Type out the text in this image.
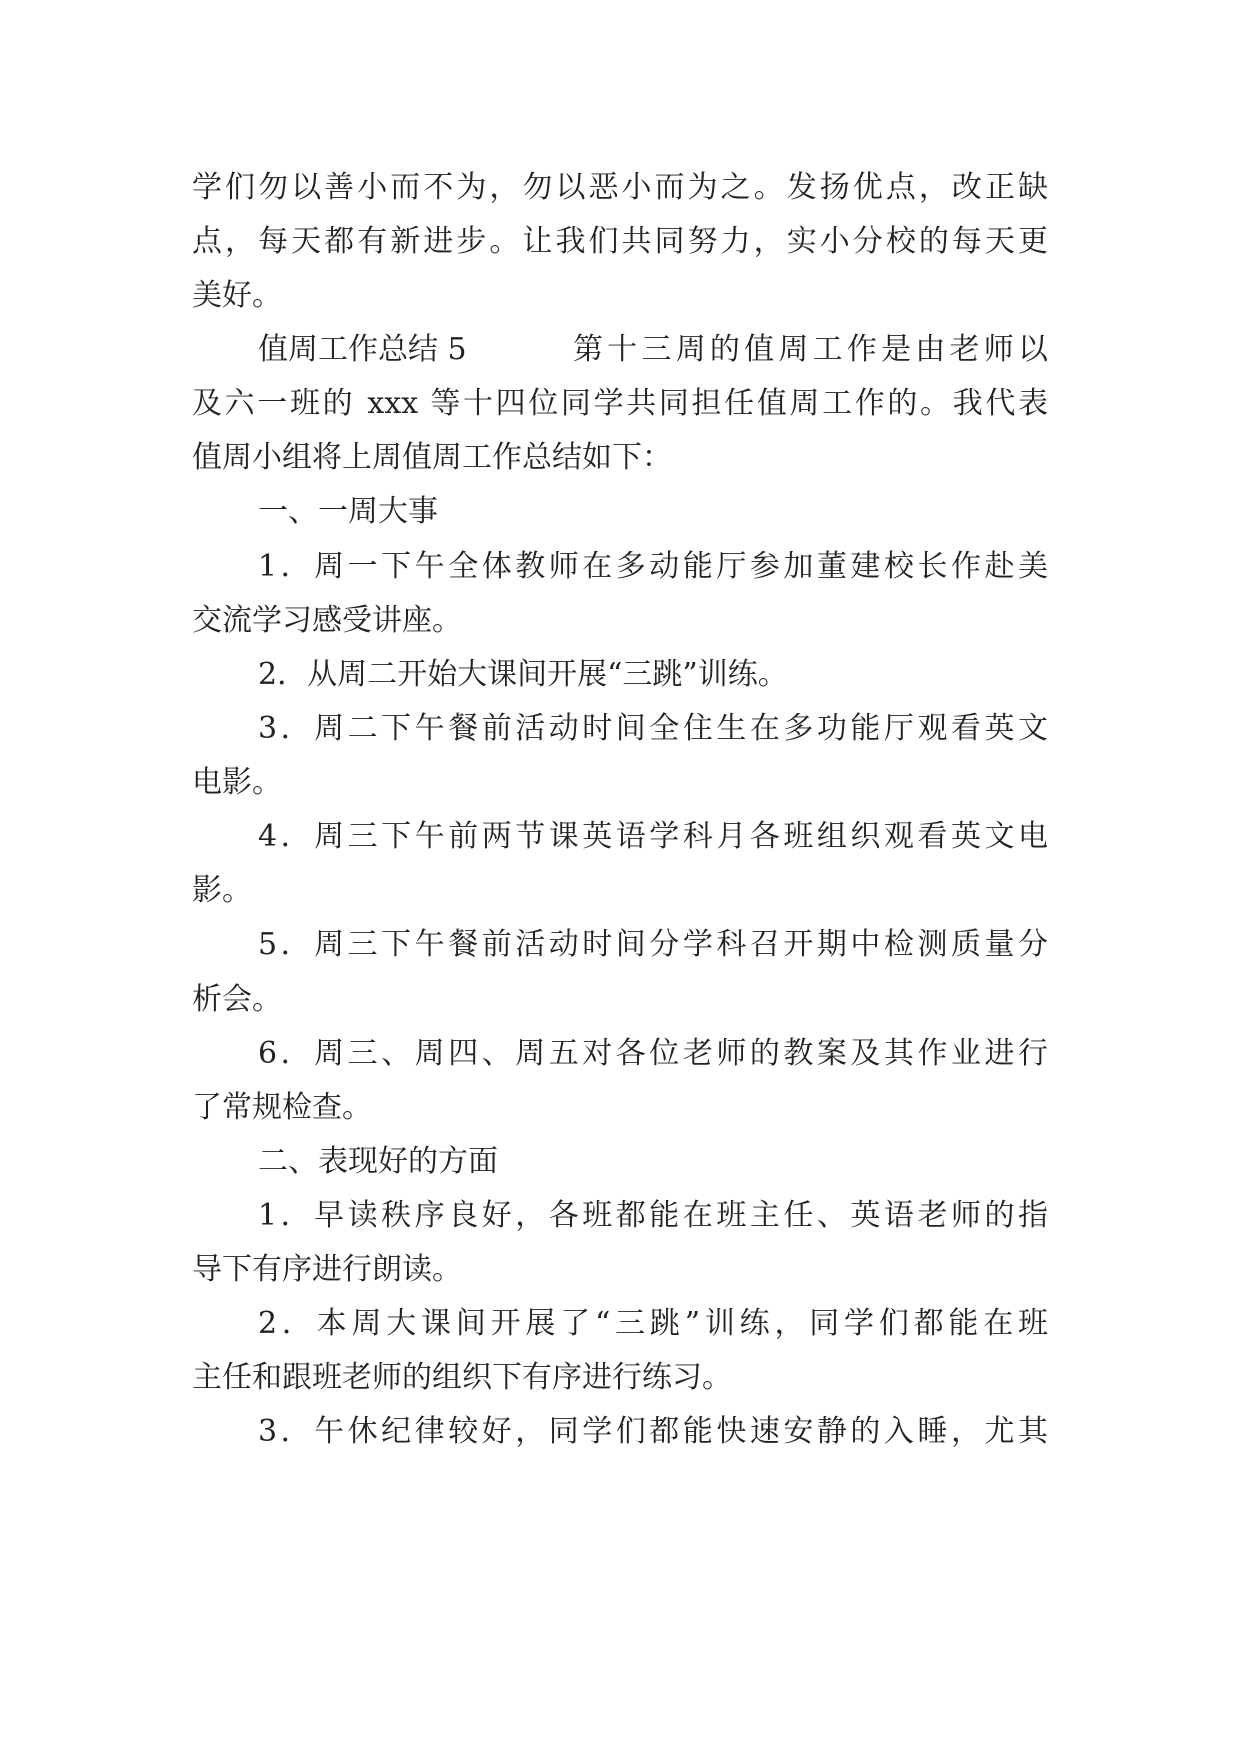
学们勿以善小而不为，勿以恶小而为之。发扬优点，改正缺
点，每天都有新进步。让我们共同努力，实小分校的每天更
美好。
值周工作总结 5	第十三周的值周工作是由老师以
及六一班的 xxx 等十四位同学共同担任值周工作的。我代表
值周小组将上周值周工作总结如下：
一、一周大事
1．周一下午全体教师在多动能厅参加董建校长作赴美
交流学习感受讲座。
2．从周二开始大课间开展“三跳”训练。
3．周二下午餐前活动时间全住生在多功能厅观看英文
电影。
4．周三下午前两节课英语学科月各班组织观看英文电
影。
5．周三下午餐前活动时间分学科召开期中检测质量分
析会。
6．周三、周四、周五对各位老师的教案及其作业进行
了常规检查。
二、表现好的方面
1．早读秩序良好，各班都能在班主任、英语老师的指
导下有序进行朗读。
2．本周大课间开展了“三跳”训练，同学们都能在班
主任和跟班老师的组织下有序进行练习。
3．午休纪律较好，同学们都能快速安静的入睡，尤其
